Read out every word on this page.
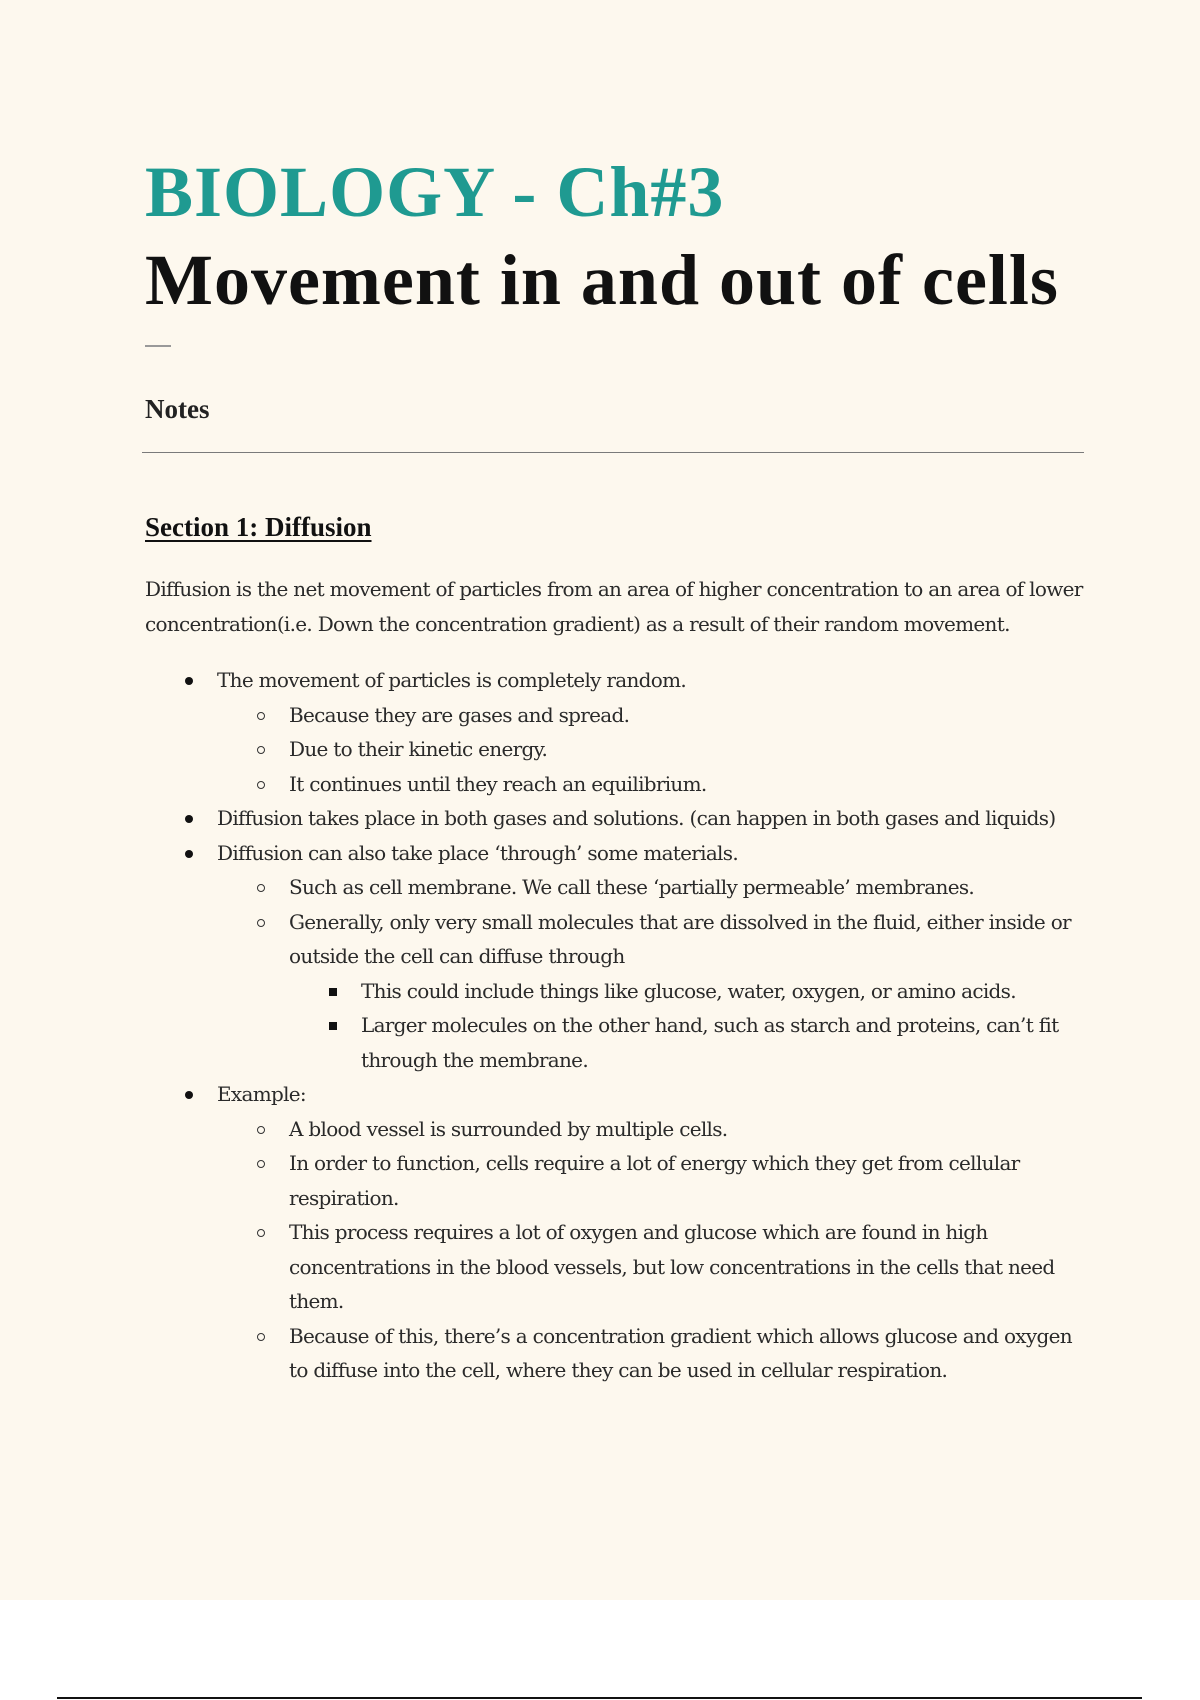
BIOLOGY - Ch#3
Movement in and out of cells
Notes
Section 1: Diffusion

Diffusion is the net movement of particles from an area of higher concentration to an area of lower concentration(i.e. Down the concentration gradient) as a result of their random movement.

The movement of particles is completely random.
Because they are gases and spread.
Due to their kinetic energy.
It continues until they reach an equilibrium.
Diffusion takes place in both gases and solutions. (can happen in both gases and liquids)
Diffusion can also take place ‘through’ some materials.
Such as cell membrane. We call these ‘partially permeable’ membranes.
Generally, only very small molecules that are dissolved in the fluid, either inside or outside the cell can diffuse through
This could include things like glucose, water, oxygen, or amino acids.
Larger molecules on the other hand, such as starch and proteins, can’t fit through the membrane.
Example:
A blood vessel is surrounded by multiple cells.
In order to function, cells require a lot of energy which they get from cellular respiration.
This process requires a lot of oxygen and glucose which are found in high concentrations in the blood vessels, but low concentrations in the cells that need them.
Because of this, there’s a concentration gradient which allows glucose and oxygen to diffuse into the cell, where they can be used in cellular respiration.
